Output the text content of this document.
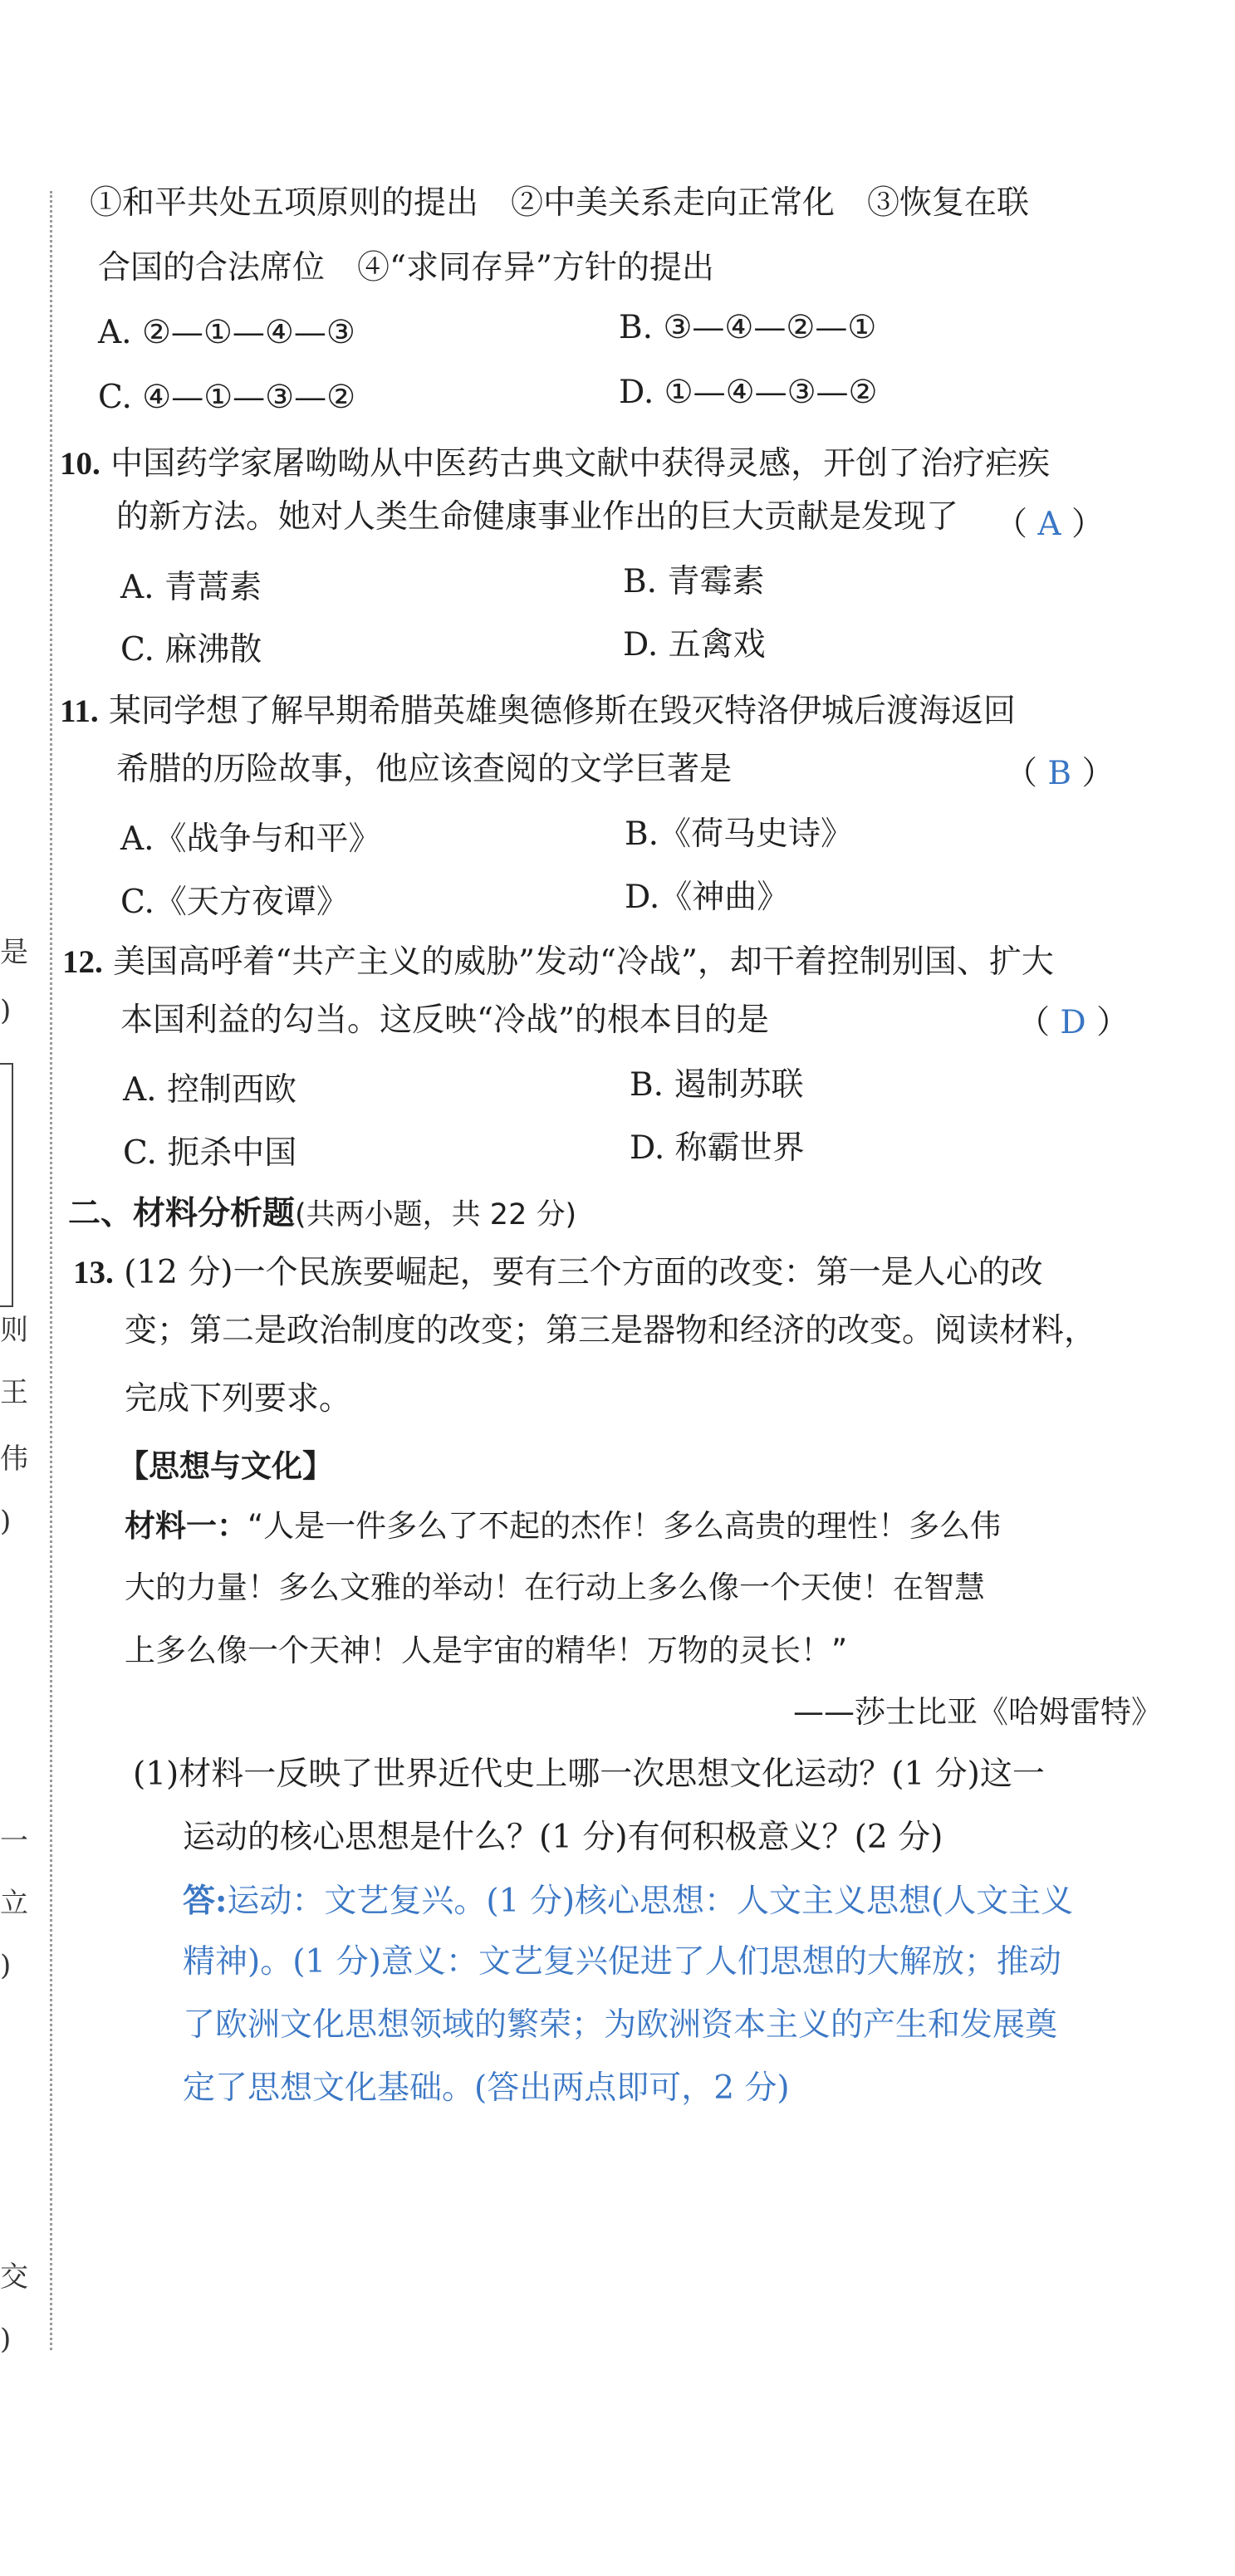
是
)
则
王
伟
)
一
立
)
交
)
①和平共处五项原则的提出　②中美关系走向正常化　③恢复在联
合国的合法席位　④“求同存异”方针的提出
A. ②—①—④—③	B. ③—④—②—①
C. ④—①—③—②	D. ①—④—③—②
10. 中国药学家屠呦呦从中医药古典文献中获得灵感，开创了治疗疟疾
的新方法。她对人类生命健康事业作出的巨大贡献是发现了 （ A ）
A. 青蒿素	B. 青霉素
C. 麻沸散	D. 五禽戏
11. 某同学想了解早期希腊英雄奥德修斯在毁灭特洛伊城后渡海返回
希腊的历险故事，他应该查阅的文学巨著是	（ B ）
A.《战争与和平》	B.《荷马史诗》
C.《天方夜谭》	D.《神曲》
12. 美国高呼着“共产主义的威胁”发动“冷战”，却干着控制别国、扩大
本国利益的勾当。这反映“冷战”的根本目的是	（ D ）
A. 控制西欧	B. 遏制苏联
C. 扼杀中国	D. 称霸世界
二、材料分析题(共两小题，共 22 分)
13. (12 分)一个民族要崛起，要有三个方面的改变：第一是人心的改
变；第二是政治制度的改变；第三是器物和经济的改变。阅读材料，
完成下列要求。
【思想与文化】
材料一：“人是一件多么了不起的杰作！多么高贵的理性！多么伟
大的力量！多么文雅的举动！在行动上多么像一个天使！在智慧
上多么像一个天神！人是宇宙的精华！万物的灵长！”
——莎士比亚《哈姆雷特》
(1)材料一反映了世界近代史上哪一次思想文化运动？(1 分)这一
运动的核心思想是什么？(1 分)有何积极意义？(2 分)
答:运动：文艺复兴。(1 分)核心思想：人文主义思想(人文主义
精神)。(1 分)意义：文艺复兴促进了人们思想的大解放；推动
了欧洲文化思想领域的繁荣；为欧洲资本主义的产生和发展奠
定了思想文化基础。(答出两点即可，2 分)
